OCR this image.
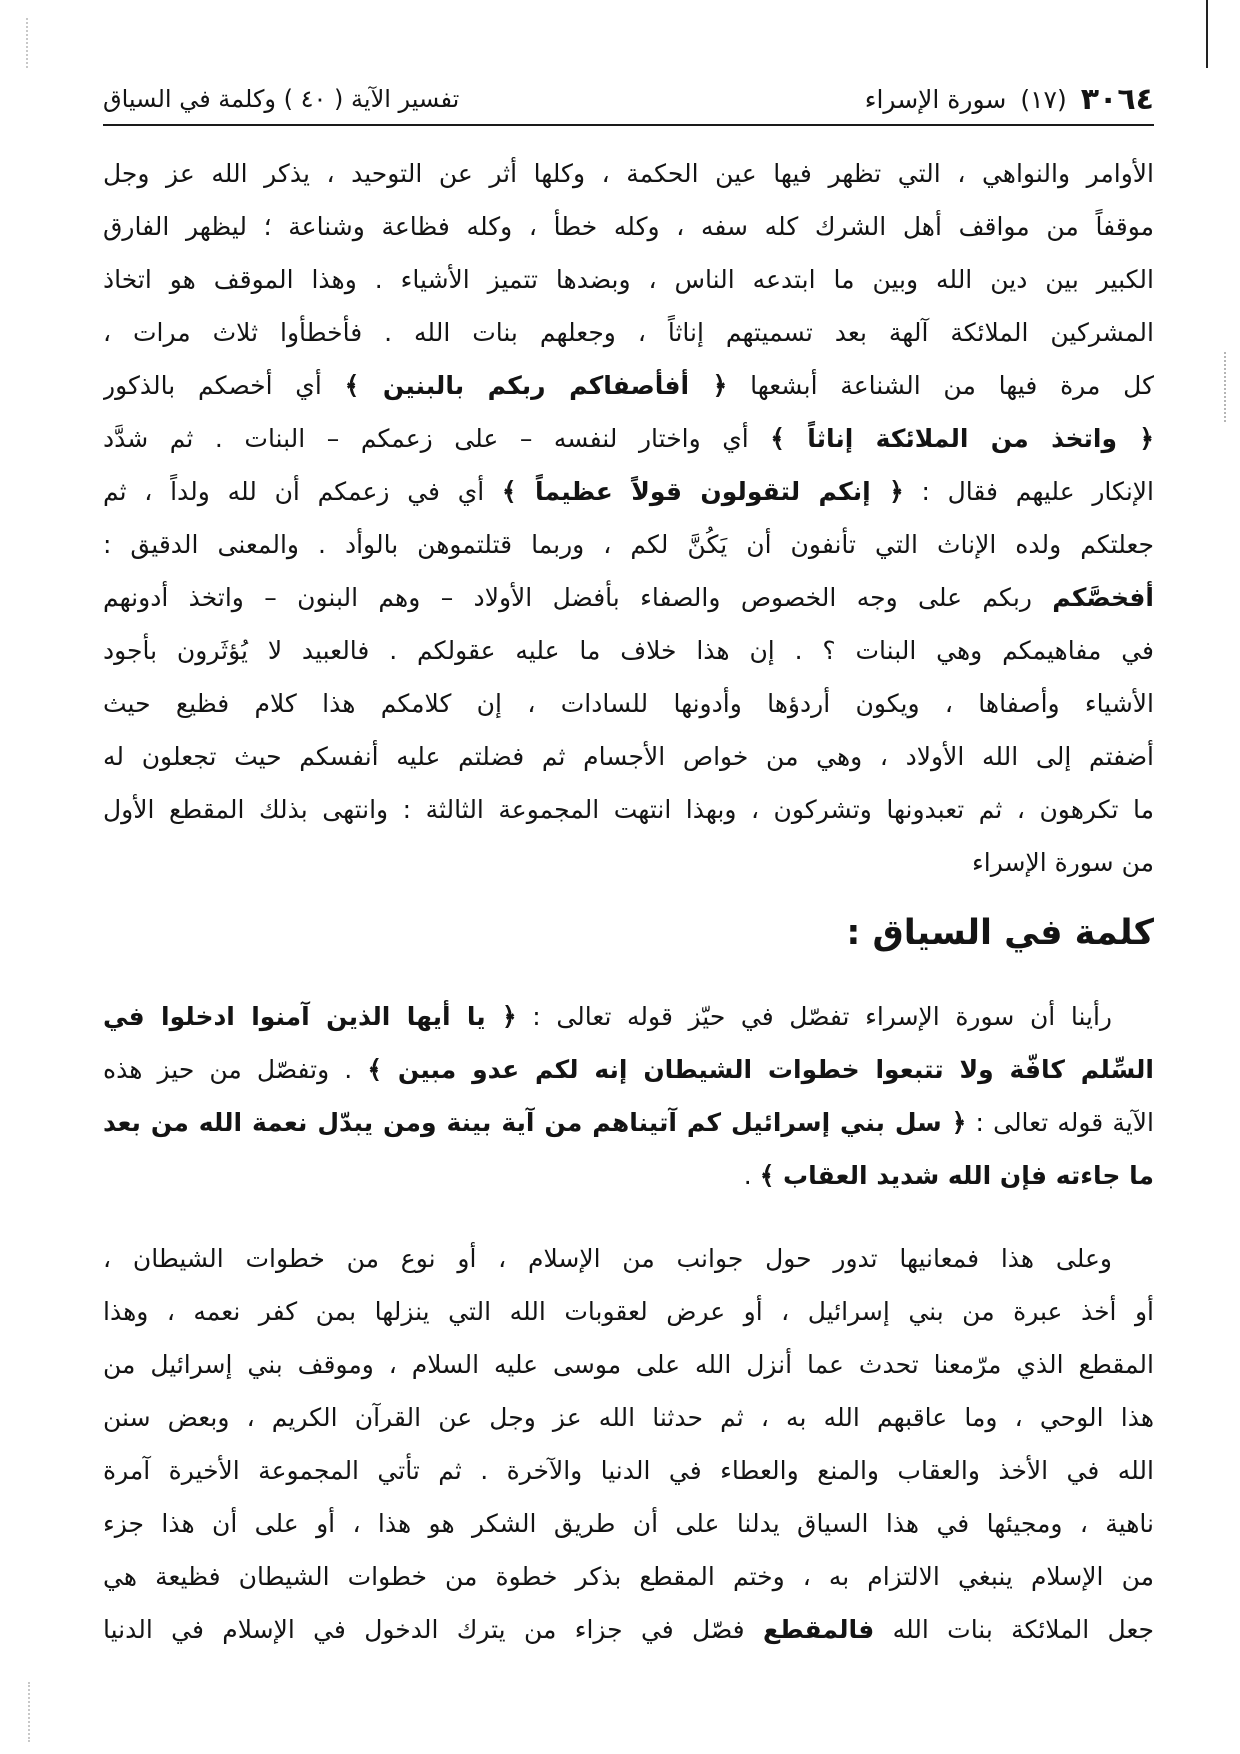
٣٠٦٤
(١٧)
سورة الإسراء
تفسير الآية ( ٤٠ ) وكلمة في السياق
الأوامر والنواهي ، التي تظهر فيها عين الحكمة ، وكلها أثر عن التوحيد ، يذكر الله عز وجل
موقفاً من مواقف أهل الشرك كله سفه ، وكله خطأ ، وكله فظاعة وشناعة ؛ ليظهر الفارق
الكبير بين دين الله وبين ما ابتدعه الناس ، وبضدها تتميز الأشياء . وهذا الموقف هو اتخاذ
المشركين الملائكة آلهة بعد تسميتهم إناثاً ، وجعلهم بنات الله . فأخطأوا ثلاث مرات ،
كل مرة فيها من الشناعة أبشعها ﴿ أفأصفاكم ربكم بالبنين ﴾ أي أخصكم بالذكور
﴿ واتخذ من الملائكة إناثاً ﴾ أي واختار لنفسه – على زعمكم – البنات . ثم شدَّد
الإنكار عليهم فقال : ﴿ إنكم لتقولون قولاً عظيماً ﴾ أي في زعمكم أن لله ولداً ، ثم
جعلتكم ولده الإناث التي تأنفون أن يَكُنَّ لكم ، وربما قتلتموهن بالوأد . والمعنى الدقيق :
أفخصَّكم ربكم على وجه الخصوص والصفاء بأفضل الأولاد – وهم البنون – واتخذ أدونهم
في مفاهيمكم وهي البنات ؟ . إن هذا خلاف ما عليه عقولكم . فالعبيد لا يُؤثَرون بأجود
الأشياء وأصفاها ، ويكون أردؤها وأدونها للسادات ، إن كلامكم هذا كلام فظيع حيث
أضفتم إلى الله الأولاد ، وهي من خواص الأجسام ثم فضلتم عليه أنفسكم حيث تجعلون له
ما تكرهون ، ثم تعبدونها وتشركون ، وبهذا انتهت المجموعة الثالثة : وانتهى بذلك المقطع الأول
من سورة الإسراء
كلمة في السياق :
رأينا أن سورة الإسراء تفصّل في حيّز قوله تعالى : ﴿ يا أيها الذين آمنوا ادخلوا في
السِّلم كافّة ولا تتبعوا خطوات الشيطان إنه لكم عدو مبين ﴾ . وتفصّل من حيز هذه
الآية قوله تعالى : ﴿ سل بني إسرائيل كم آتيناهم من آية بينة ومن يبدّل نعمة الله من بعد
ما جاءته فإن الله شديد العقاب ﴾ .
وعلى هذا فمعانيها تدور حول جوانب من الإسلام ، أو نوع من خطوات الشيطان ،
أو أخذ عبرة من بني إسرائيل ، أو عرض لعقوبات الله التي ينزلها بمن كفر نعمه ، وهذا
المقطع الذي مرّمعنا تحدث عما أنزل الله على موسى عليه السلام ، وموقف بني إسرائيل من
هذا الوحي ، وما عاقبهم الله به ، ثم حدثنا الله عز وجل عن القرآن الكريم ، وبعض سنن
الله في الأخذ والعقاب والمنع والعطاء في الدنيا والآخرة . ثم تأتي المجموعة الأخيرة آمرة
ناهية ، ومجيئها في هذا السياق يدلنا على أن طريق الشكر هو هذا ، أو على أن هذا جزء
من الإسلام ينبغي الالتزام به ، وختم المقطع بذكر خطوة من خطوات الشيطان فظيعة هي
جعل الملائكة بنات الله فالمقطع فصّل في جزاء من يترك الدخول في الإسلام في الدنيا
